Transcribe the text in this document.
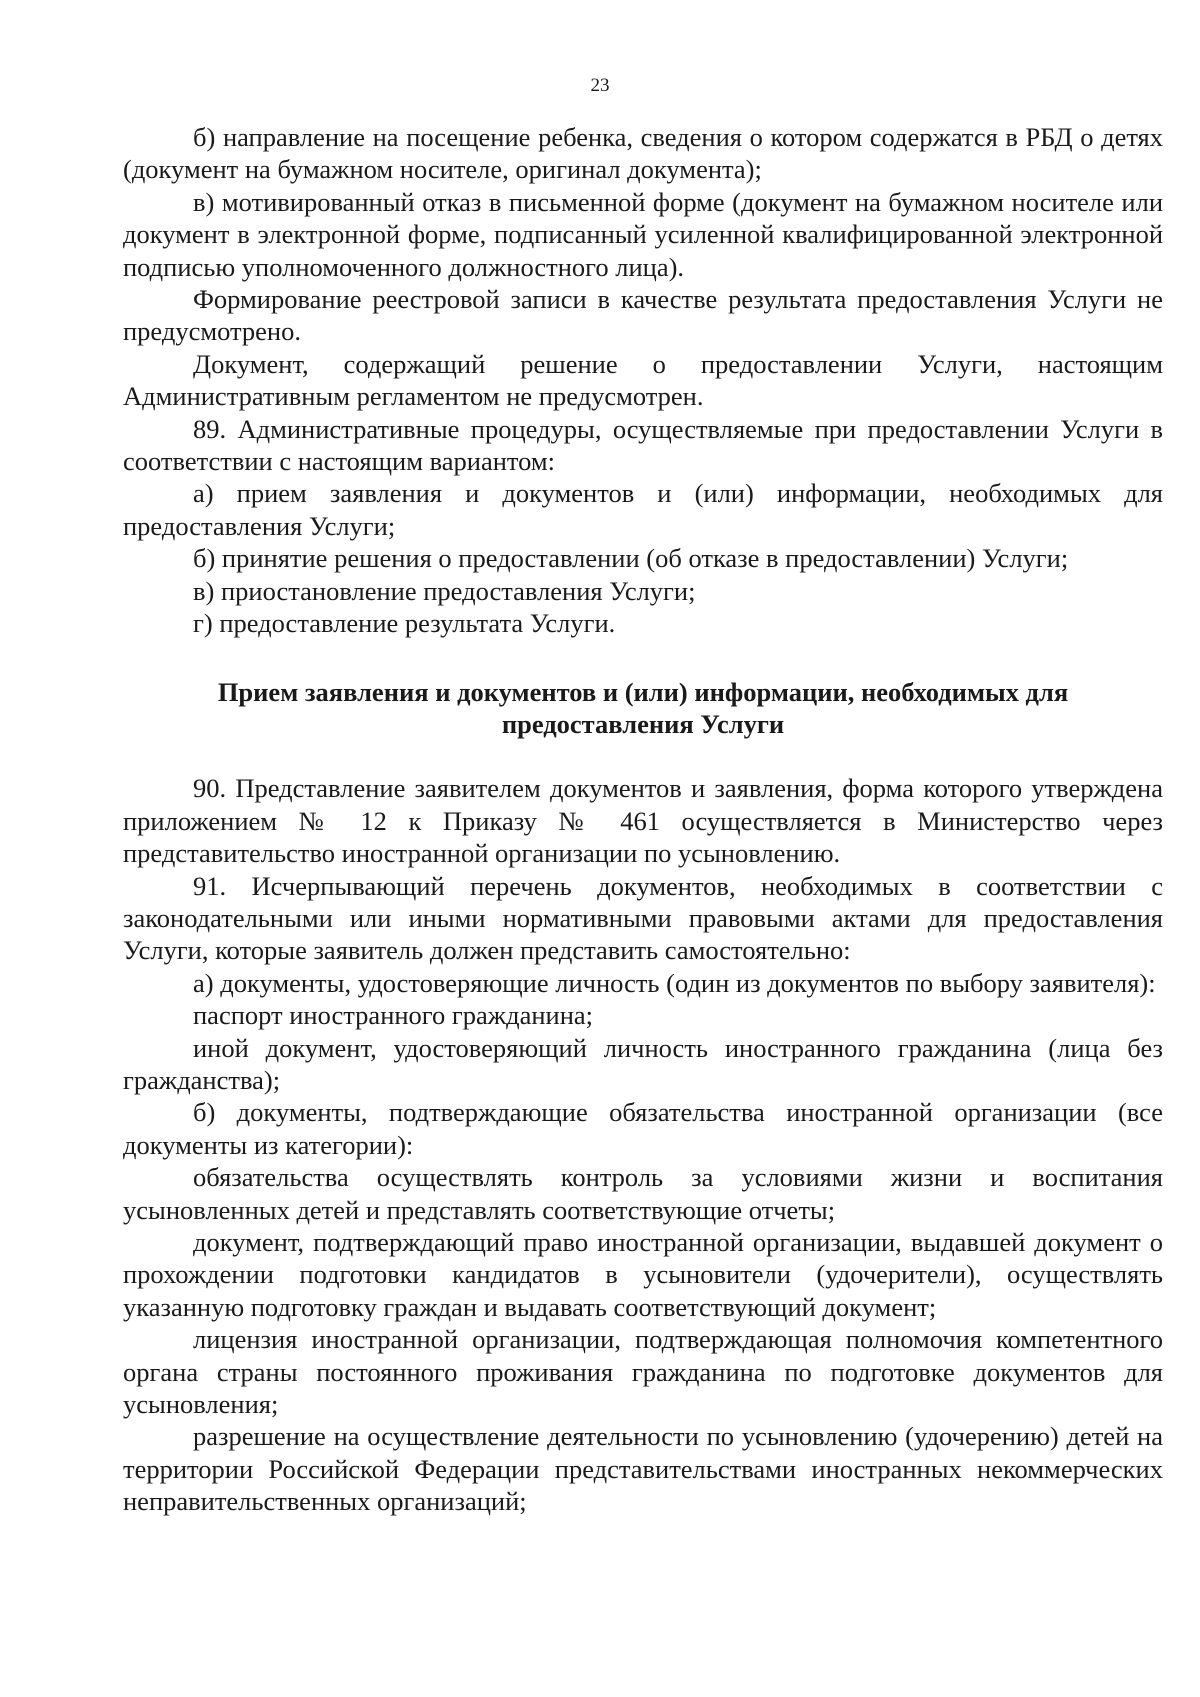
23

б) направление на посещение ребенка, сведения о котором содержатся в РБД о детях (документ на бумажном носителе, оригинал документа);

в) мотивированный отказ в письменной форме (документ на бумажном носителе или документ в электронной форме, подписанный усиленной квалифицированной электронной подписью уполномоченного должностного лица).

Формирование реестровой записи в качестве результата предоставления Услуги не предусмотрено.

Документ, содержащий решение о предоставлении Услуги, настоящим Административным регламентом не предусмотрен.

89. Административные процедуры, осуществляемые при предоставлении Услуги в соответствии с настоящим вариантом:

а) прием заявления и документов и (или) информации, необходимых для предоставления Услуги;

б) принятие решения о предоставлении (об отказе в предоставлении) Услуги;

в) приостановление предоставления Услуги;

г) предоставление результата Услуги.

Прием заявления и документов и (или) информации, необходимых для предоставления Услуги

90. Представление заявителем документов и заявления, форма которого утверждена приложением № 12 к Приказу № 461 осуществляется в Министерство через представительство иностранной организации по усыновлению.

91. Исчерпывающий перечень документов, необходимых в соответствии с законодательными или иными нормативными правовыми актами для предоставления Услуги, которые заявитель должен представить самостоятельно:

а) документы, удостоверяющие личность (один из документов по выбору заявителя):

паспорт иностранного гражданина;

иной документ, удостоверяющий личность иностранного гражданина (лица без гражданства);

б) документы, подтверждающие обязательства иностранной организации (все документы из категории):

обязательства осуществлять контроль за условиями жизни и воспитания усыновленных детей и представлять соответствующие отчеты;

документ, подтверждающий право иностранной организации, выдавшей документ о прохождении подготовки кандидатов в усыновители (удочерители), осуществлять указанную подготовку граждан и выдавать соответствующий документ;

лицензия иностранной организации, подтверждающая полномочия компетентного органа страны постоянного проживания гражданина по подготовке документов для усыновления;

разрешение на осуществление деятельности по усыновлению (удочерению) детей на территории Российской Федерации представительствами иностранных некоммерческих неправительственных организаций;
